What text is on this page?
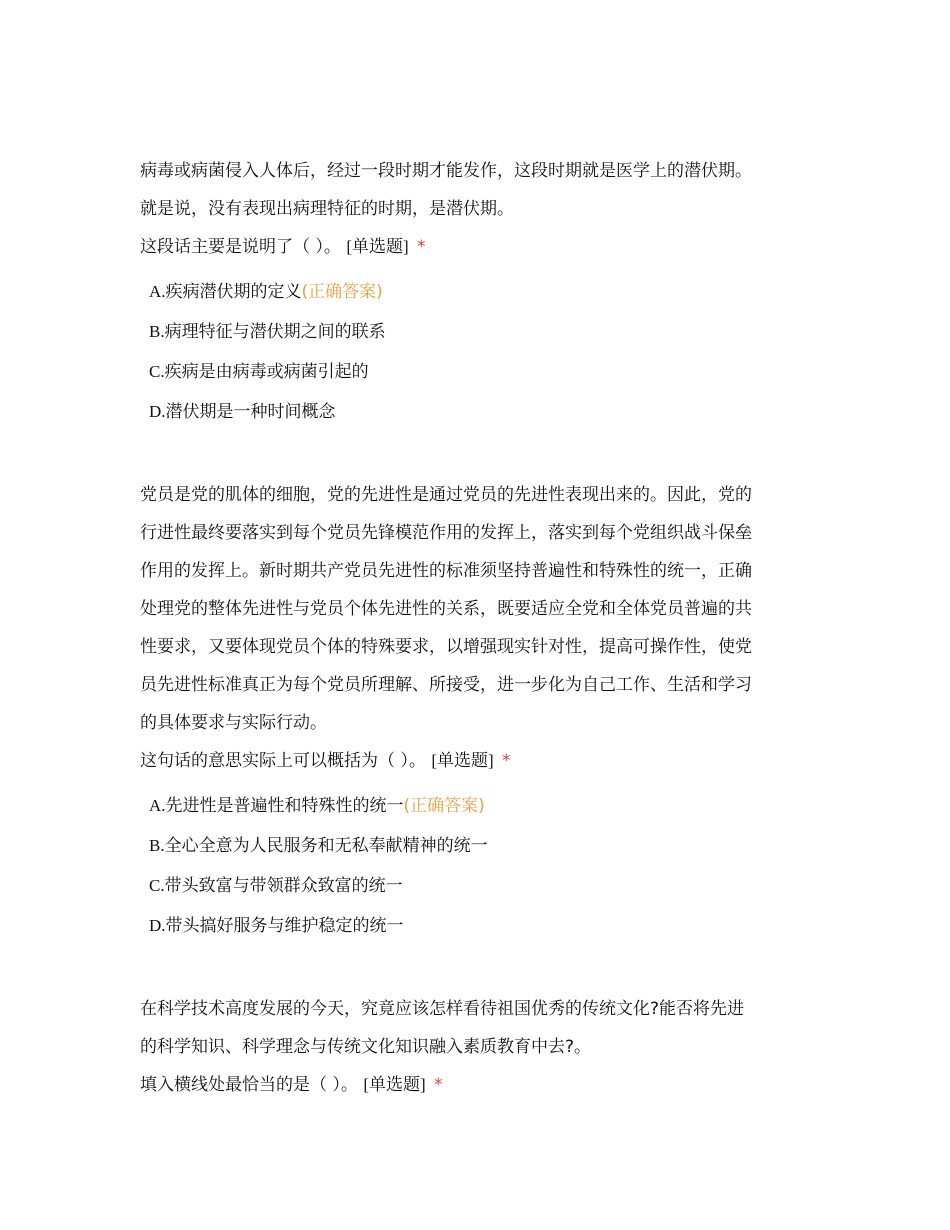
病毒或病菌侵入人体后，经过一段时期才能发作，这段时期就是医学上的潜伏期。

就是说，没有表现出病理特征的时期，是潜伏期。

这段话主要是说明了（ ）。 [单选题] *
A.疾病潜伏期的定义(正确答案)
B.病理特征与潜伏期之间的联系
C.疾病是由病毒或病菌引起的
D.潜伏期是一种时间概念

党员是党的肌体的细胞，党的先进性是通过党员的先进性表现出来的。因此，党的

行进性最终要落实到每个党员先锋模范作用的发挥上，落实到每个党组织战斗保垒

作用的发挥上。新时期共产党员先进性的标准须坚持普遍性和特殊性的统一，正确

处理党的整体先进性与党员个体先进性的关系，既要适应全党和全体党员普遍的共

性要求，又要体现党员个体的特殊要求，以增强现实针对性，提高可操作性，使党

员先进性标准真正为每个党员所理解、所接受，进一步化为自己工作、生活和学习

的具体要求与实际行动。

这句话的意思实际上可以概括为（ ）。 [单选题] *
A.先进性是普遍性和特殊性的统一(正确答案)
B.全心全意为人民服务和无私奉献精神的统一
C.带头致富与带领群众致富的统一
D.带头搞好服务与维护稳定的统一

在科学技术高度发展的今天，究竟应该怎样看待祖国优秀的传统文化?能否将先进

的科学知识、科学理念与传统文化知识融入素质教育中去?。

填入横线处最恰当的是（ ）。 [单选题] *
